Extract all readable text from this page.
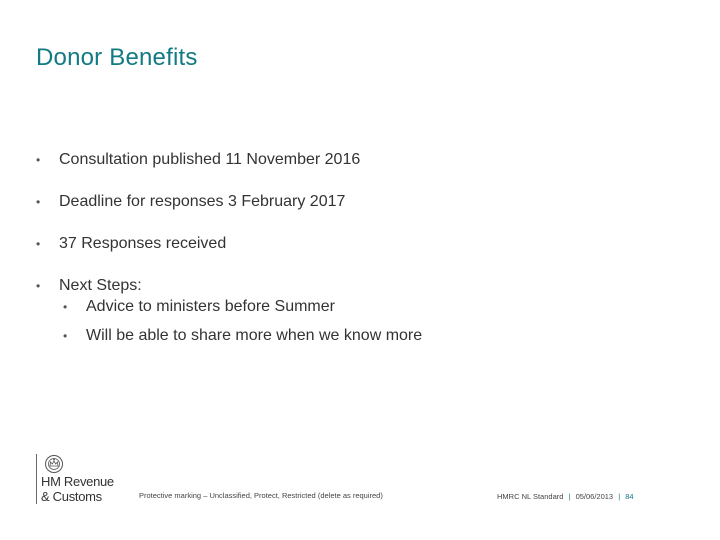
Donor Benefits
• Consultation published 11 November 2016
• Deadline for responses 3 February 2017
• 37 Responses received
• Next Steps:
• Advice to ministers before Summer
• Will be able to share more when we know more
HM Revenue
& Customs	Protective marking – Unclassified, Protect, Restricted (delete as required)	HMRC NL Standard | 05/06/2013 | 84
